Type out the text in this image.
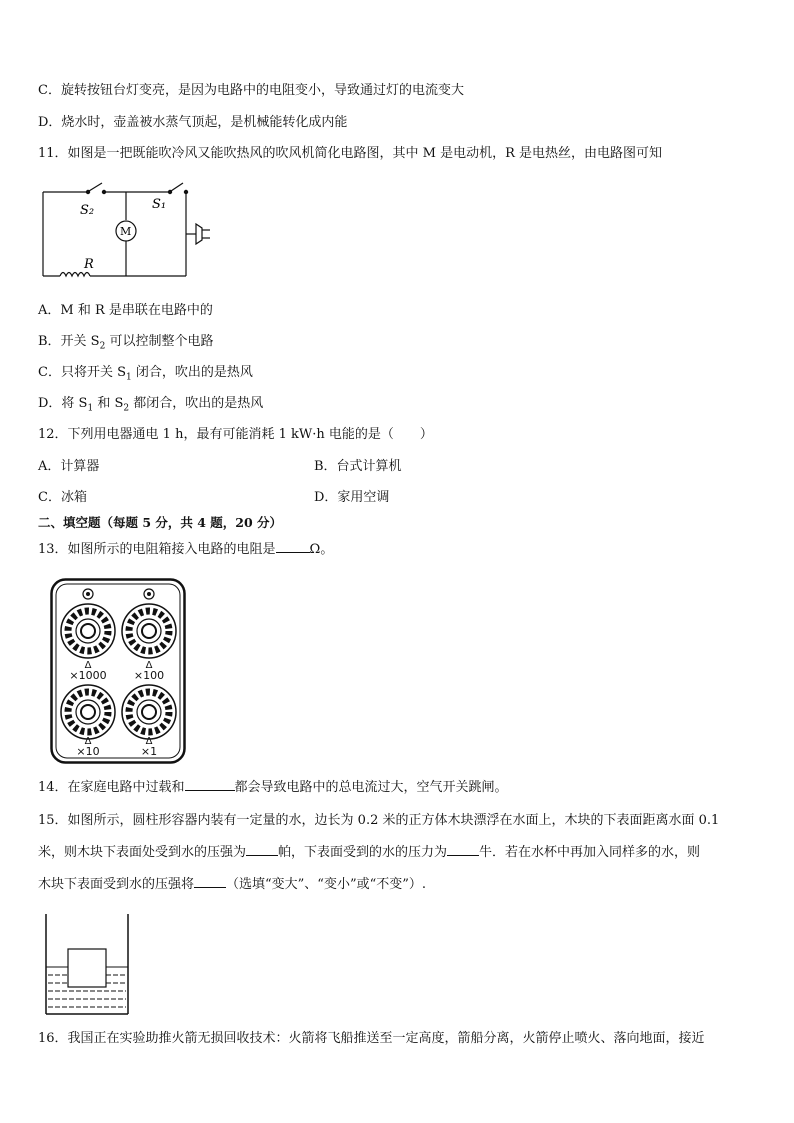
C．旋转按钮台灯变亮，是因为电路中的电阻变小，导致通过灯的电流变大
D．烧水时，壶盖被水蒸气顶起，是机械能转化成内能
11．如图是一把既能吹冷风又能吹热风的吹风机简化电路图，其中 M 是电动机，R 是电热丝，由电路图可知
S₂	S₁
M
R
A．M 和 R 是串联在电路中的
B．开关 $S_2$ 可以控制整个电路
C．只将开关 $S_1$ 闭合，吹出的是热风
D．将 $S_1$ 和 $S_2$ 都闭合，吹出的是热风
12．下列用电器通电 1 h，最有可能消耗 1 kW·h 电能的是（　　）
A．计算器	B．台式计算机
C．冰箱	D．家用空调
二、填空题（每题 5 分，共 4 题，20 分）
13．如图所示的电阻箱接入电路的电阻是	Ω。
Δ	Δ
×1000 ×100
Δ	Δ
×10	×1
14．在家庭电路中过载和	都会导致电路中的总电流过大，空气开关跳闸。
15．如图所示，圆柱形容器内装有一定量的水，边长为 0.2 米的正方体木块漂浮在水面上，木块的下表面距离水面 0.1
米，则木块下表面处受到水的压强为 帕，下表面受到的水的压力为 牛．若在水杯中再加入同样多的水，则
木块下表面受到水的压强将 （选填“变大”、“变小”或“不变”）.
16．我国正在实验助推火箭无损回收技术：火箭将飞船推送至一定高度，箭船分离，火箭停止喷火、落向地面，接近
